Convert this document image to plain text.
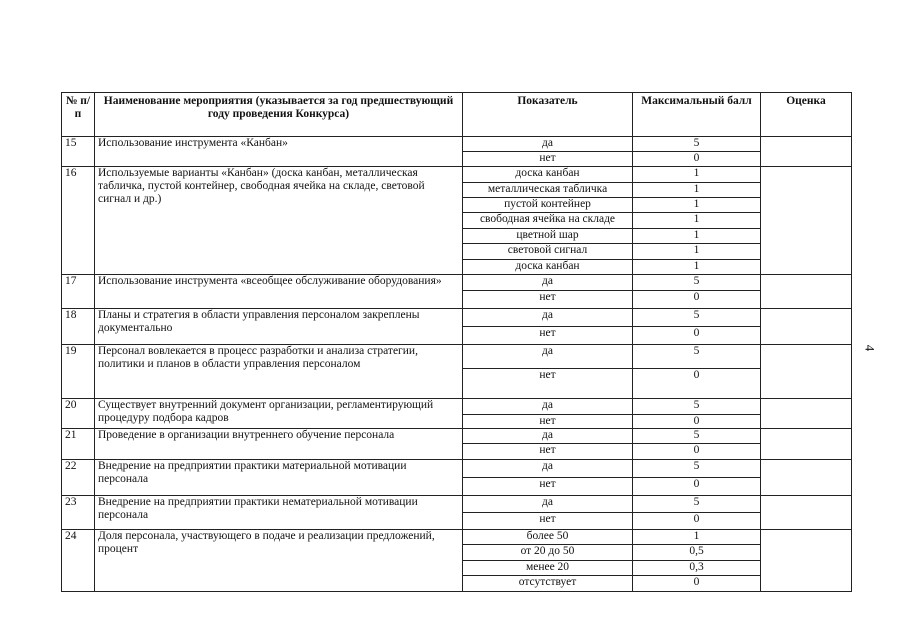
№ п/п	Наименование мероприятия (указывается за год предшествующий году проведения Конкурса)	Показатель	Максимальный балл	Оценка
15	Использование инструмента «Канбан»	да	5	
		нет	0	
16	Используемые варианты «Канбан» (доска канбан, металлическая табличка, пустой контейнер, свободная ячейка на складе, световой сигнал и др.)	доска канбан	1	
		металлическая табличка	1	
		пустой контейнер	1	
		свободная ячейка на складе	1	
		цветной шар	1	
		световой сигнал	1	
		доска канбан	1	
17	Использование инструмента «всеобщее обслуживание оборудования»	да	5	
		нет	0	
18	Планы и стратегия в области управления персоналом закреплены документально	да	5	
		нет	0	
19	Персонал вовлекается в процесс разработки и анализа стратегии, политики и планов в области управления персоналом	да	5	
		нет	0	
20	Существует внутренний документ организации, регламентирующий процедуру подбора кадров	да	5	
		нет	0	
21	Проведение в организации внутреннего обучение персонала	да	5	
		нет	0	
22	Внедрение на предприятии практики материальной мотивации персонала	да	5	
		нет	0	
23	Внедрение на предприятии практики нематериальной мотивации персонала	да	5	
		нет	0	
24	Доля персонала, участвующего в подаче и реализации предложений, процент	более 50	1	
		от 20 до 50	0,5	
		менее 20	0,3	
		отсутствует	0	
4
